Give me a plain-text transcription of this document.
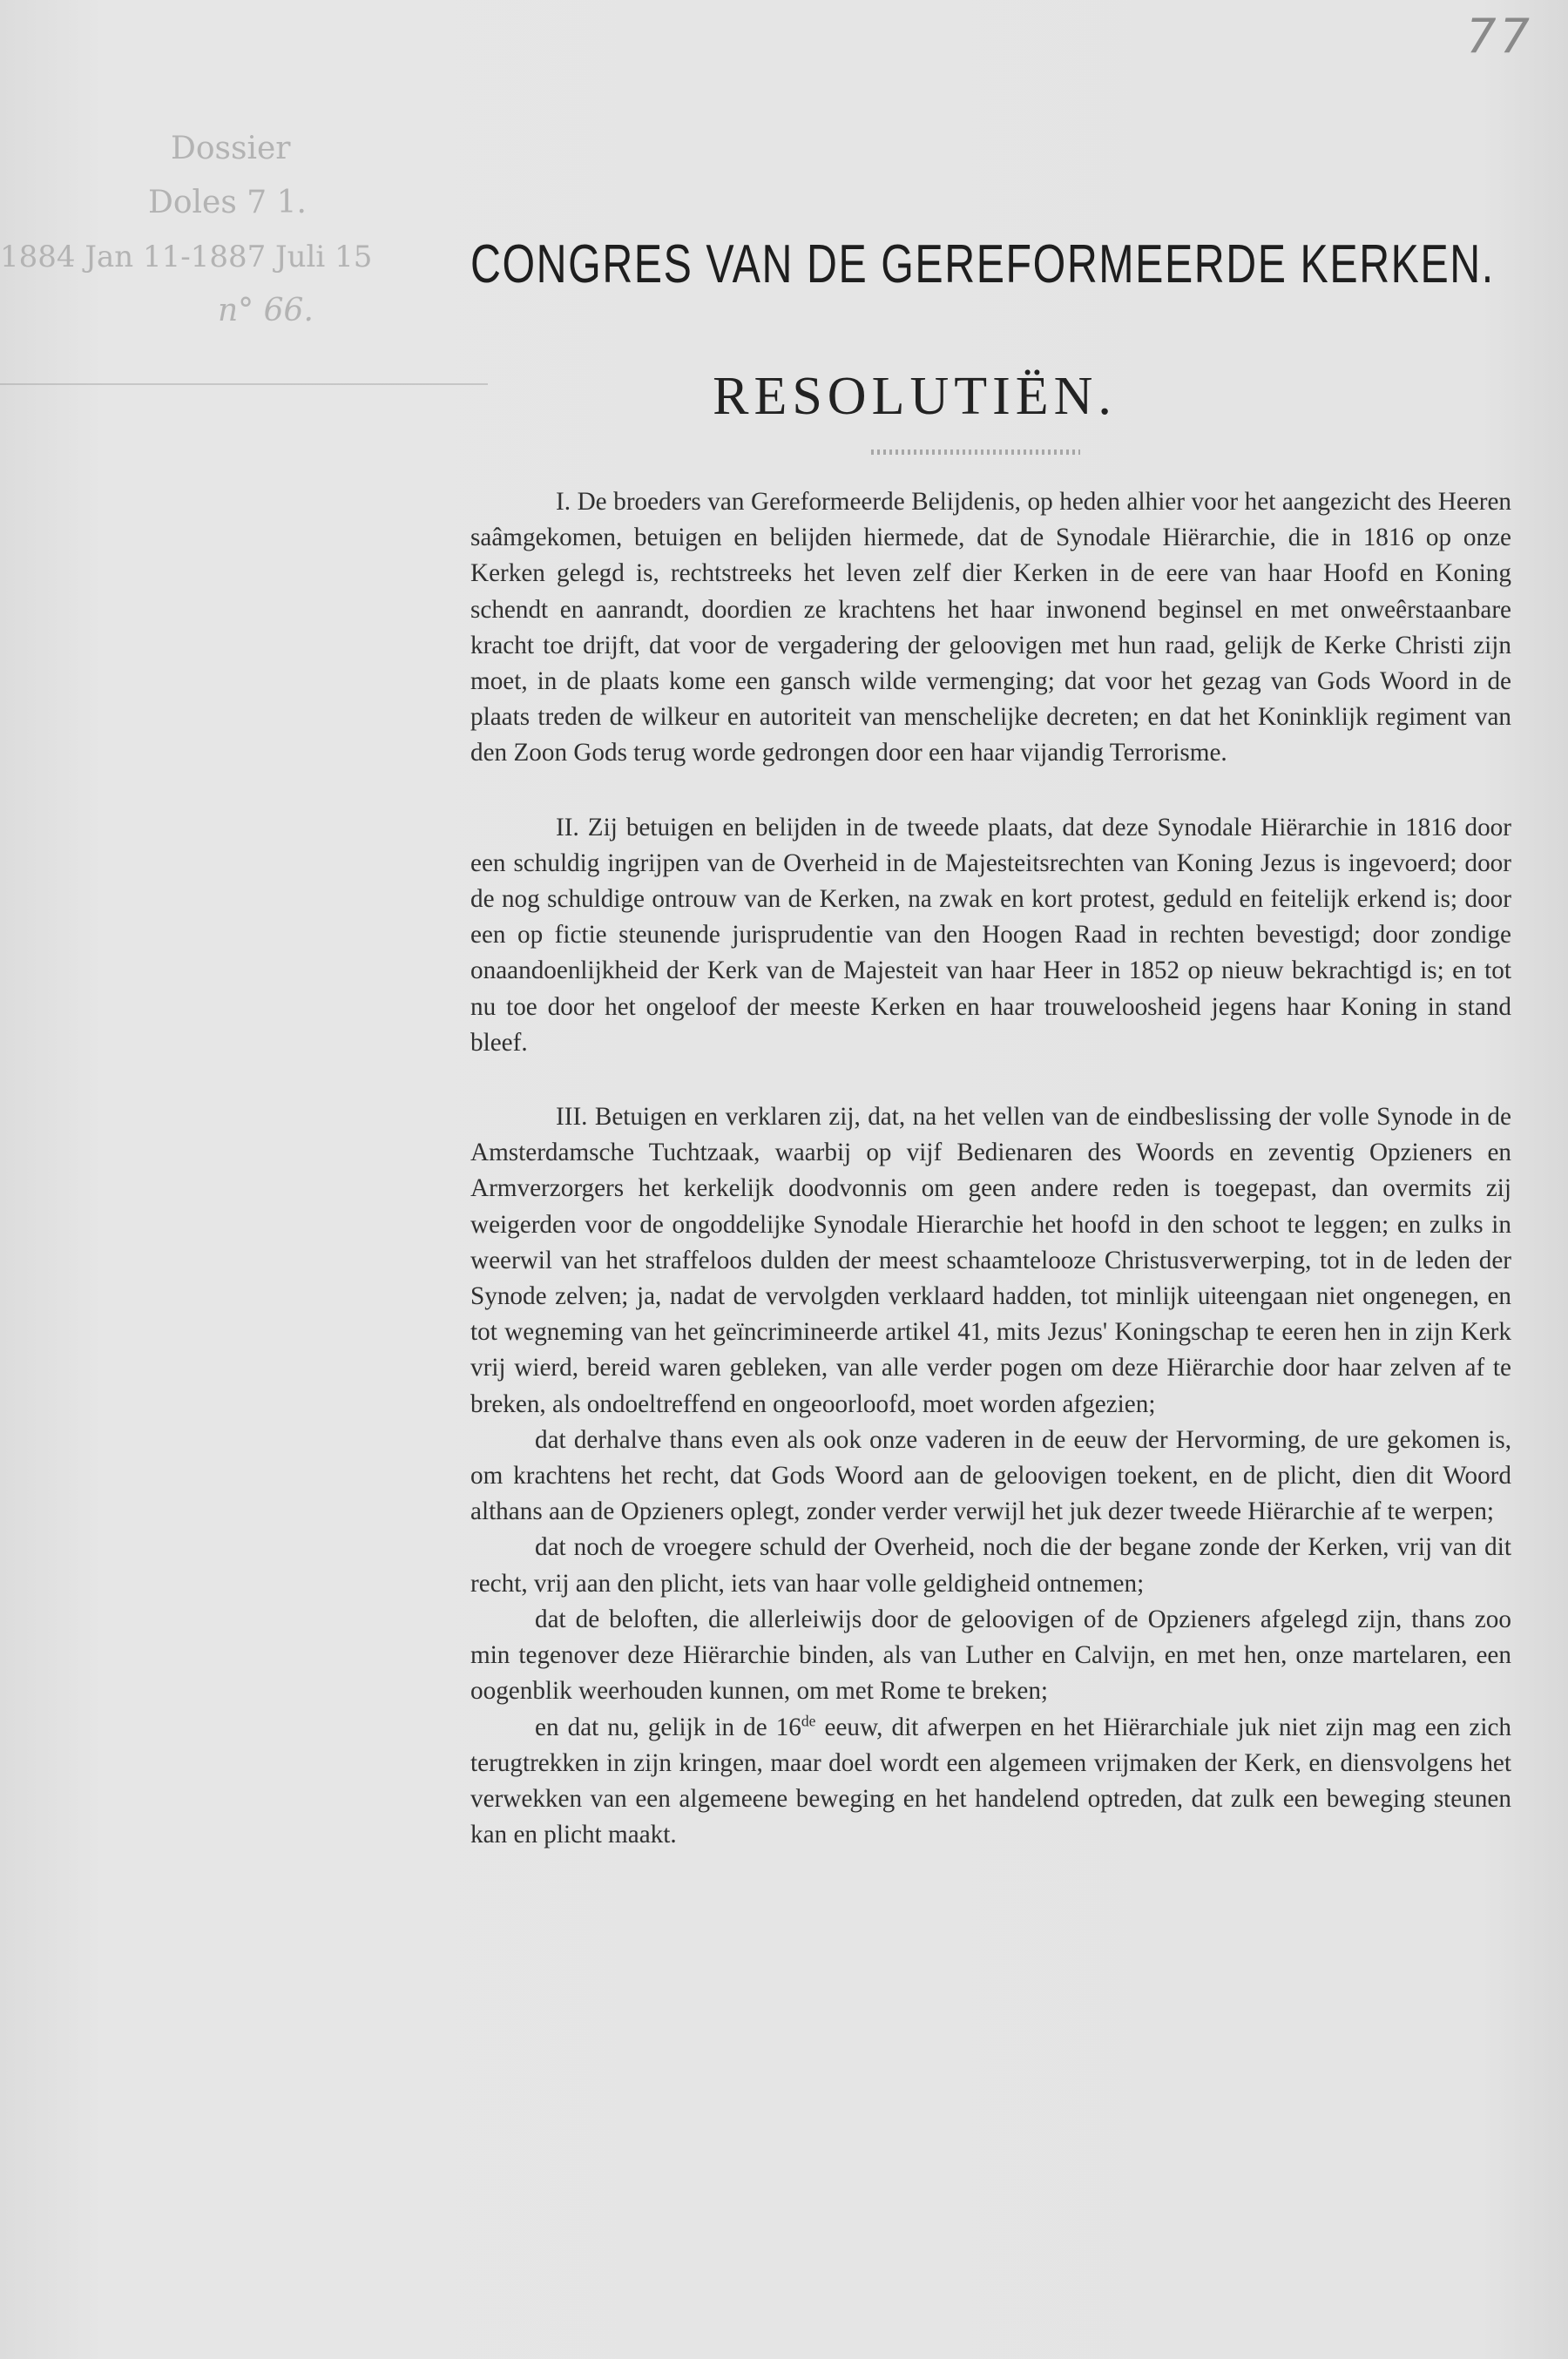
77
Dossier
Doles 7 1.
1884 Jan 11-1887 Juli 15
n° 66.
CONGRES VAN DE GEREFORMEERDE KERKEN.
RESOLUTIËN.

I. De broeders van Gereformeerde Belijdenis, op heden alhier voor het aangezicht des Heeren saâmgekomen, betuigen en belijden hiermede, dat de Synodale Hiërarchie, die in 1816 op onze Kerken gelegd is, rechtstreeks het leven zelf dier Kerken in de eere van haar Hoofd en Koning schendt en aanrandt, doordien ze krachtens het haar inwonend beginsel en met onweêrstaanbare kracht toe drijft, dat voor de vergadering der geloovigen met hun raad, gelijk de Kerke Christi zijn moet, in de plaats kome een gansch wilde vermenging; dat voor het gezag van Gods Woord in de plaats treden de wilkeur en autoriteit van menschelijke decreten; en dat het Koninklijk regiment van den Zoon Gods terug worde gedrongen door een haar vijandig Terrorisme.

II. Zij betuigen en belijden in de tweede plaats, dat deze Synodale Hiërarchie in 1816 door een schuldig ingrijpen van de Overheid in de Majesteitsrechten van Koning Jezus is ingevoerd; door de nog schuldige ontrouw van de Kerken, na zwak en kort protest, geduld en feitelijk erkend is; door een op fictie steunende jurisprudentie van den Hoogen Raad in rechten bevestigd; door zondige onaandoenlijkheid der Kerk van de Majesteit van haar Heer in 1852 op nieuw bekrachtigd is; en tot nu toe door het ongeloof der meeste Kerken en haar trouweloosheid jegens haar Koning in stand bleef.

III. Betuigen en verklaren zij, dat, na het vellen van de eindbeslissing der volle Synode in de Amsterdamsche Tuchtzaak, waarbij op vijf Bedienaren des Woords en zeventig Opzieners en Armverzorgers het kerkelijk doodvonnis om geen andere reden is toegepast, dan overmits zij weigerden voor de ongoddelijke Synodale Hierarchie het hoofd in den schoot te leggen; en zulks in weerwil van het straffeloos dulden der meest schaamtelooze Christusverwerping, tot in de leden der Synode zelven; ja, nadat de vervolgden verklaard hadden, tot minlijk uiteengaan niet ongenegen, en tot wegneming van het geïncrimineerde artikel 41, mits Jezus' Koningschap te eeren hen in zijn Kerk vrij wierd, bereid waren gebleken, van alle verder pogen om deze Hiërarchie door haar zelven af te breken, als ondoeltreffend en ongeoorloofd, moet worden afgezien;

dat derhalve thans even als ook onze vaderen in de eeuw der Hervorming, de ure gekomen is, om krachtens het recht, dat Gods Woord aan de geloovigen toekent, en de plicht, dien dit Woord althans aan de Opzieners oplegt, zonder verder verwijl het juk dezer tweede Hiërarchie af te werpen;

dat noch de vroegere schuld der Overheid, noch die der begane zonde der Kerken, vrij van dit recht, vrij aan den plicht, iets van haar volle geldigheid ontnemen;

dat de beloften, die allerleiwijs door de geloovigen of de Opzieners afgelegd zijn, thans zoo min tegenover deze Hiërarchie binden, als van Luther en Calvijn, en met hen, onze martelaren, een oogenblik weerhouden kunnen, om met Rome te breken;

en dat nu, gelijk in de 16de eeuw, dit afwerpen en het Hiërarchiale juk niet zijn mag een zich terugtrekken in zijn kringen, maar doel wordt een algemeen vrijmaken der Kerk, en diensvolgens het verwekken van een algemeene beweging en het handelend optreden, dat zulk een beweging steunen kan en plicht maakt.
